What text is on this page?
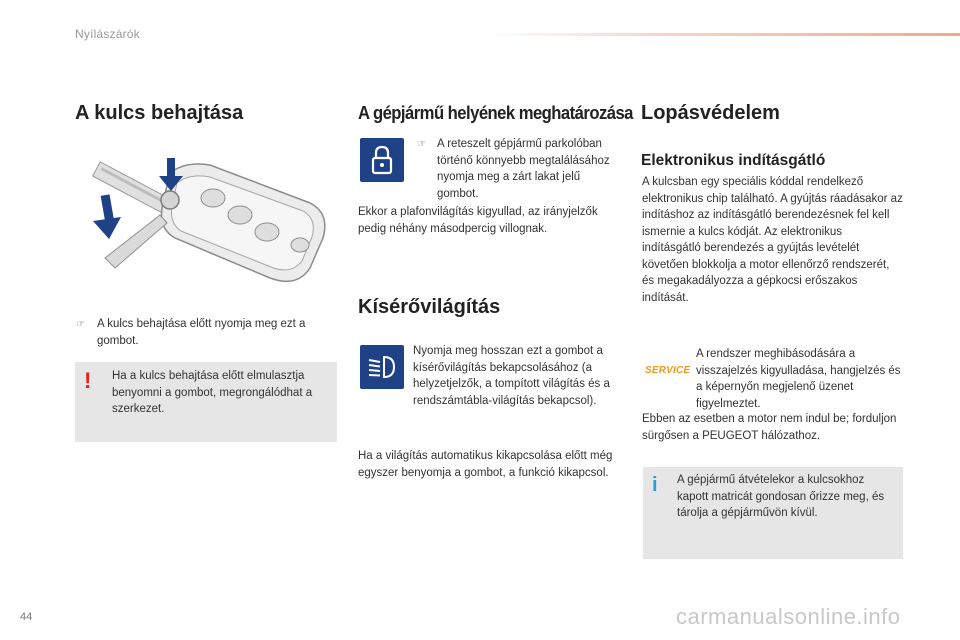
Nyílászárók
A kulcs behajtása
☞ A kulcs behajtása előtt nyomja meg ezt a gombot.
! Ha a kulcs behajtása előtt elmulasztja benyomni a gombot, megrongálódhat a szerkezet.
A gépjármű helyének meghatározása
☞ A reteszelt gépjármű parkolóban történő könnyebb megtalálásához nyomja meg a zárt lakat jelű gombot.
Ekkor a plafonvilágítás kigyullad, az irányjelzők pedig néhány másodpercig villognak.
Kísérővilágítás
Nyomja meg hosszan ezt a gombot a kísérővilágítás bekapcsolásához (a helyzetjelzők, a tompított világítás és a rendszámtábla-világítás bekapcsol).
Ha a világítás automatikus kikapcsolása előtt még egyszer benyomja a gombot, a funkció kikapcsol.
Lopásvédelem
Elektronikus indításgátló
A kulcsban egy speciális kóddal rendelkező elektronikus chip található. A gyújtás ráadásakor az indításhoz az indításgátló berendezésnek fel kell ismernie a kulcs kódját. Az elektronikus indításgátló berendezés a gyújtás levételét követően blokkolja a motor ellenőrző rendszerét, és megakadályozza a gépkocsi erőszakos indítását.
SERVICE
A rendszer meghibásodására a visszajelzés kigyulladása, hangjelzés és a képernyőn megjelenő üzenet figyelmeztet.
Ebben az esetben a motor nem indul be; forduljon sürgősen a PEUGEOT hálózathoz.
i A gépjármű átvételekor a kulcsokhoz kapott matricát gondosan őrizze meg, és tárolja a gépjárművön kívül.
44	carmanualsonline.info
